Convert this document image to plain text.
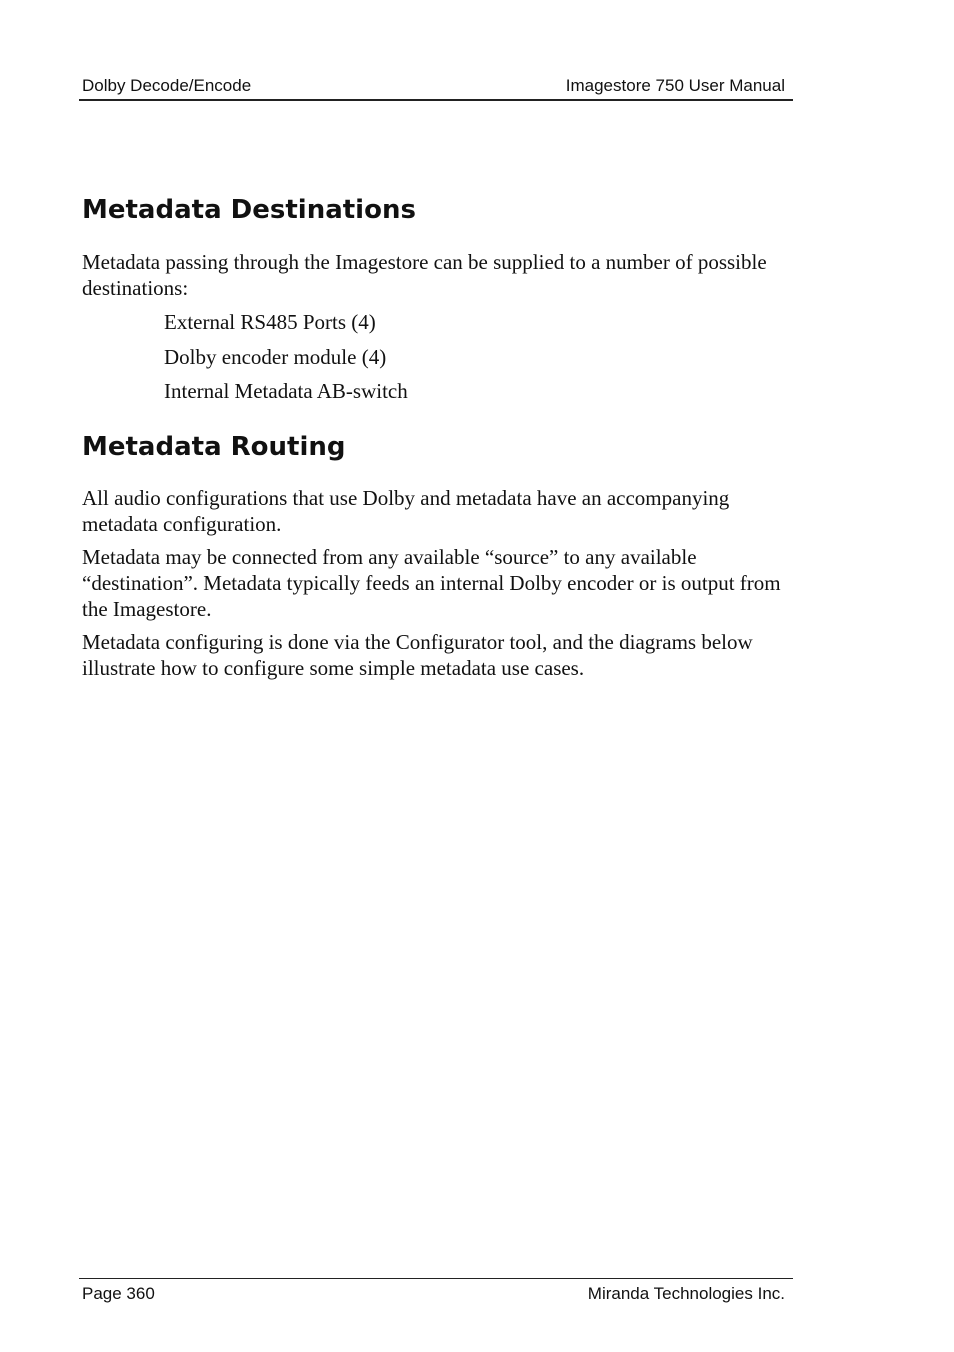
Dolby Decode/Encode	Imagestore 750 User Manual
Metadata Destinations

Metadata passing through the Imagestore can be supplied to a number of possible destinations:

External RS485 Ports (4)
Dolby encoder module (4)
Internal Metadata AB-switch
Metadata Routing

All audio configurations that use Dolby and metadata have an accompanying metadata configuration.

Metadata may be connected from any available “source” to any available “destination”. Metadata typically feeds an internal Dolby encoder or is output from the Imagestore.

Metadata configuring is done via the Configurator tool, and the diagrams below illustrate how to configure some simple metadata use cases.

Page 360	Miranda Technologies Inc.
